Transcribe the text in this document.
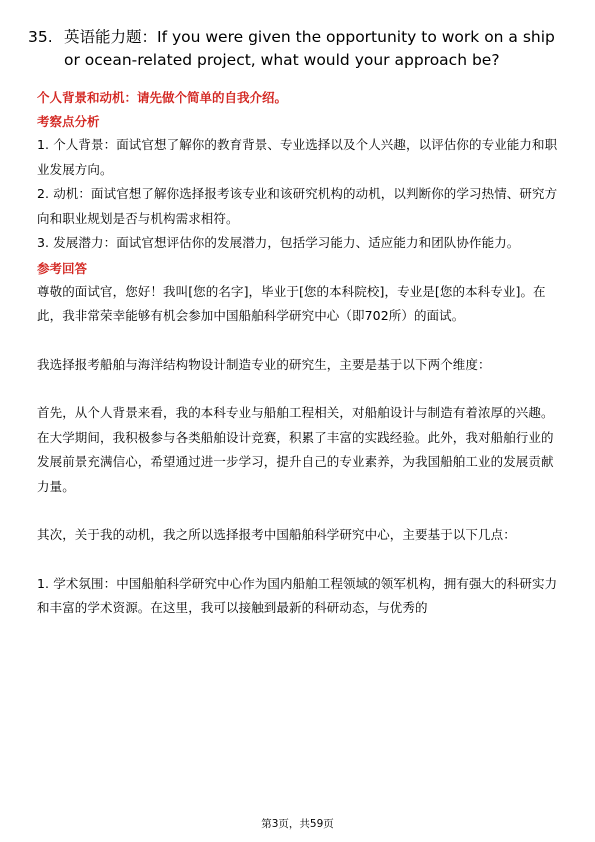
35. 英语能力题：If you were given the opportunity to work on a ship or ocean-related project, what would your approach be?

个人背景和动机：请先做个简单的自我介绍。

考察点分析

1. 个人背景：面试官想了解你的教育背景、专业选择以及个人兴趣，以评估你的专业能力和职业发展方向。

2. 动机：面试官想了解你选择报考该专业和该研究机构的动机，以判断你的学习热情、研究方向和职业规划是否与机构需求相符。

3. 发展潜力：面试官想评估你的发展潜力，包括学习能力、适应能力和团队协作能力。

参考回答

尊敬的面试官，您好！我叫[您的名字]，毕业于[您的本科院校]，专业是[您的本科专业]。在此，我非常荣幸能够有机会参加中国船舶科学研究中心（即702所）的面试。

我选择报考船舶与海洋结构物设计制造专业的研究生，主要是基于以下两个维度：

首先，从个人背景来看，我的本科专业与船舶工程相关，对船舶设计与制造有着浓厚的兴趣。在大学期间，我积极参与各类船舶设计竞赛，积累了丰富的实践经验。此外，我对船舶行业的发展前景充满信心，希望通过进一步学习，提升自己的专业素养，为我国船舶工业的发展贡献力量。

其次，关于我的动机，我之所以选择报考中国船舶科学研究中心，主要基于以下几点：

1. 学术氛围：中国船舶科学研究中心作为国内船舶工程领域的领军机构，拥有强大的科研实力和丰富的学术资源。在这里，我可以接触到最新的科研动态，与优秀的

第3页，共59页
